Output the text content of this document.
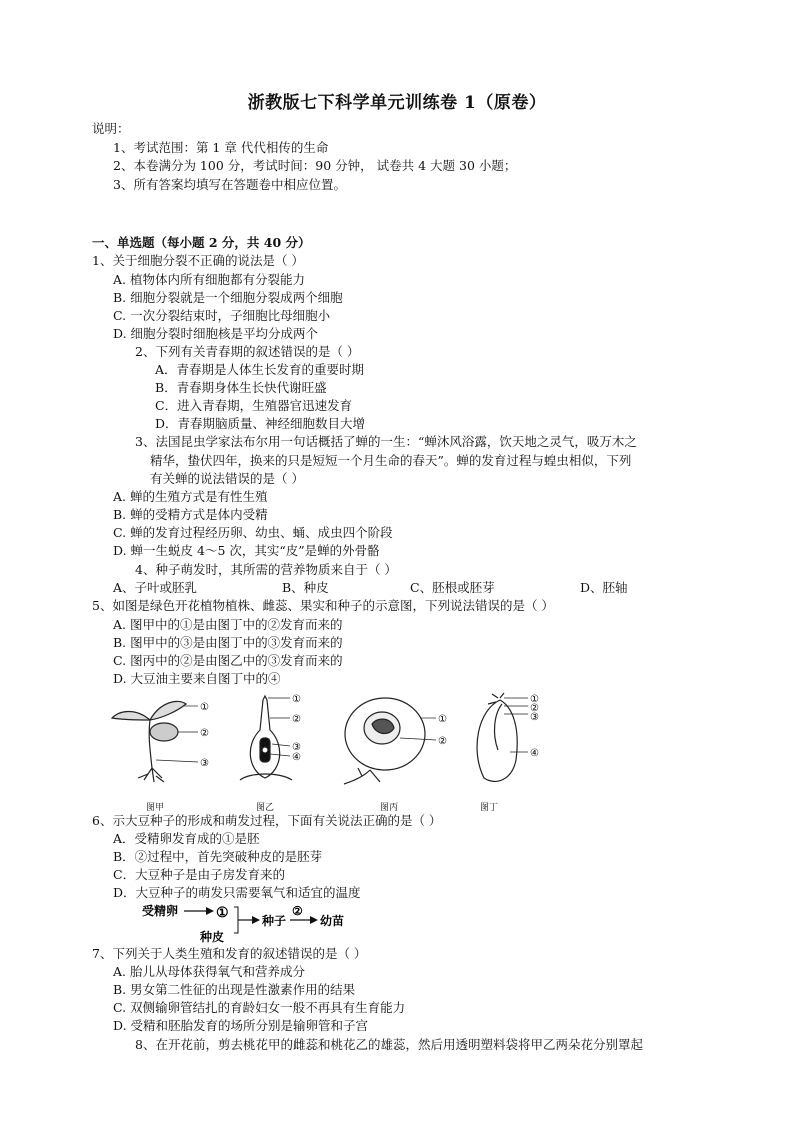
浙教版七下科学单元训练卷 1（原卷）
说明：
1、考试范围：第 1 章 代代相传的生命
2、本卷满分为 100 分，考试时间：90 分钟， 试卷共 4 大题 30 小题；
3、所有答案均填写在答题卷中相应位置。
一、单选题（每小题 2 分，共 40 分）
1、关于细胞分裂不正确的说法是（ ）
A. 植物体内所有细胞都有分裂能力
B. 细胞分裂就是一个细胞分裂成两个细胞
C. 一次分裂结束时，子细胞比母细胞小
D. 细胞分裂时细胞核是平均分成两个
2、下列有关青春期的叙述错误的是（ ）
A．青春期是人体生长发育的重要时期
B．青春期身体生长快代谢旺盛
C．进入青春期，生殖器官迅速发育
D．青春期脑质量、神经细胞数目大增
3、法国昆虫学家法布尔用一句话概括了蝉的一生：“蝉沐风浴露，饮天地之灵气，吸万木之
精华，蛰伏四年，换来的只是短短一个月生命的春天”。蝉的发育过程与蝗虫相似，下列
有关蝉的说法错误的是（ ）
A. 蝉的生殖方式是有性生殖
B. 蝉的受精方式是体内受精
C. 蝉的发育过程经历卵、幼虫、蛹、成虫四个阶段
D. 蝉一生蜕皮 4～5 次，其实“皮”是蝉的外骨骼
4、种子萌发时，其所需的营养物质来自于（ ）
A、子叶或胚乳	B、种皮	C、胚根或胚芽	D、胚轴
5、如图是绿色开花植物植株、雌蕊、果实和种子的示意图，下列说法错误的是（ ）
A. 图甲中的①是由图丁中的②发育而来的
B. 图甲中的③是由图丁中的③发育而来的
C. 图丙中的②是由图乙中的③发育而来的
D. 大豆油主要来自图丁中的④
①
②
③
①
②
③
④
①
②
①
②
③
④
图甲	图乙	图丙	图丁
6、示大豆种子的形成和萌发过程，下面有关说法正确的是（ ）
A．受精卵发育成的①是胚
B．②过程中，首先突破种皮的是胚芽
C．大豆种子是由子房发育来的
D．大豆种子的萌发只需要氧气和适宜的温度
受精卵	①
种皮
种子
②
幼苗
7、下列关于人类生殖和发育的叙述错误的是（ ）
A. 胎儿从母体获得氧气和营养成分
B. 男女第二性征的出现是性激素作用的结果
C. 双侧输卵管结扎的育龄妇女一般不再具有生育能力
D. 受精和胚胎发育的场所分别是输卵管和子宫
8、在开花前，剪去桃花甲的雌蕊和桃花乙的雄蕊，然后用透明塑料袋将甲乙两朵花分别罩起
